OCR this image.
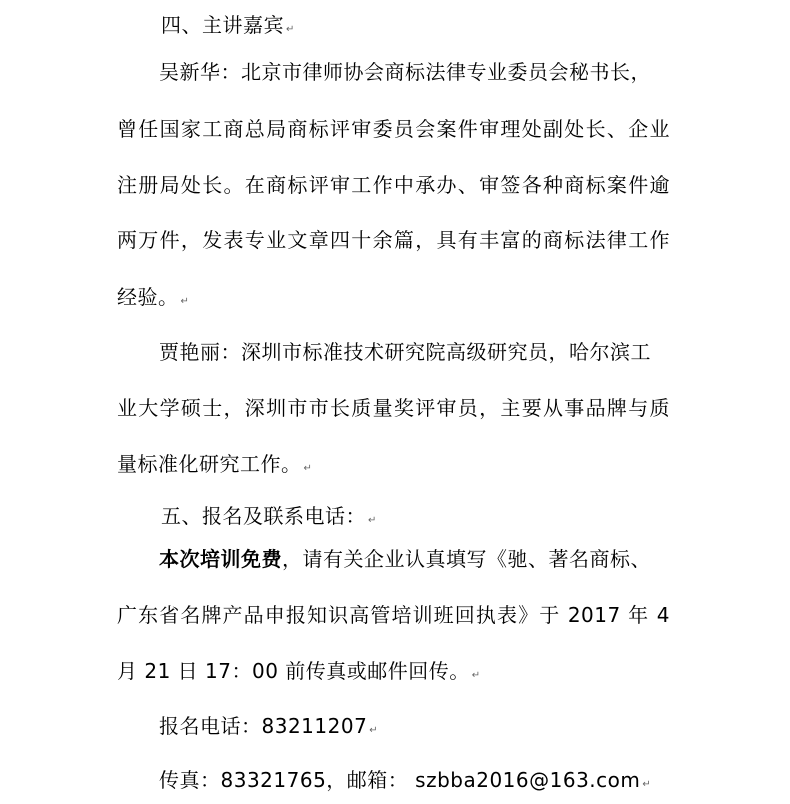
四、主讲嘉宾 ↵
吴新华：北京市律师协会商标法律专业委员会秘书长，
曾任国家工商总局商标评审委员会案件审理处副处长、企业
注册局处长。在商标评审工作中承办、审签各种商标案件逾
两万件，发表专业文章四十余篇，具有丰富的商标法律工作
经验。 ↵
贾艳丽：深圳市标准技术研究院高级研究员，哈尔滨工
业大学硕士，深圳市市长质量奖评审员，主要从事品牌与质
量标准化研究工作。 ↵
五、报名及联系电话： ↵
本次培训免费，请有关企业认真填写《驰、著名商标、
广东省名牌产品申报知识高管培训班回执表》于 2017 年 4
月 21 日 17：00 前传真或邮件回传。 ↵
报名电话：83211207 ↵
传真：83321765，邮箱： szbba2016@163.com ↵
